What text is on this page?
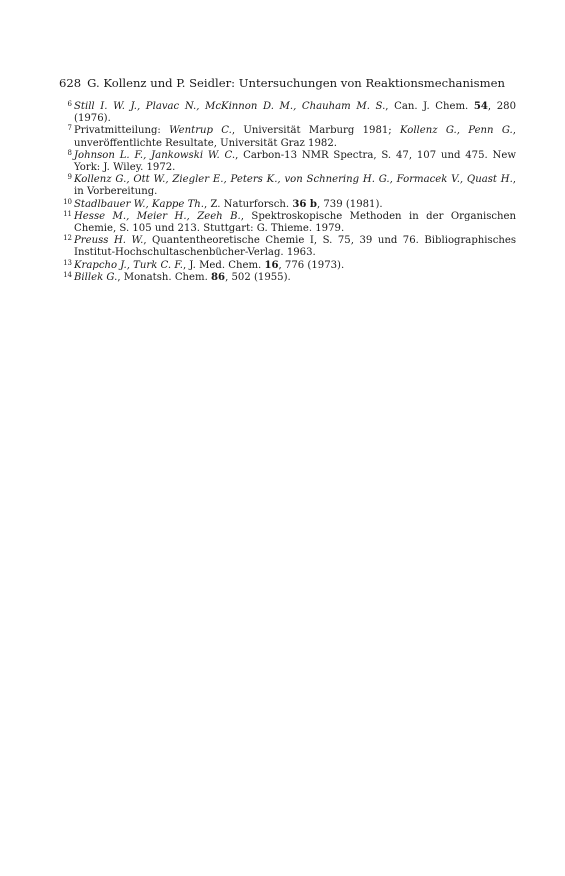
628 G. Kollenz und P. Seidler: Untersuchungen von Reaktionsmechanismen

6 Still I. W. J., Plavac N., McKinnon D. M., Chauham M. S., Can. J. Chem. 54, 280 (1976).

7 Privatmitteilung: Wentrup C., Universität Marburg 1981; Kollenz G., Penn G., unveröffentlichte Resultate, Universität Graz 1982.

8 Johnson L. F., Jankowski W. C., Carbon-13 NMR Spectra, S. 47, 107 und 475. New York: J. Wiley. 1972.

9 Kollenz G., Ott W., Ziegler E., Peters K., von Schnering H. G., Formacek V., Quast H., in Vorbereitung.

10 Stadlbauer W., Kappe Th., Z. Naturforsch. 36 b, 739 (1981).

11 Hesse M., Meier H., Zeeh B., Spektroskopische Methoden in der Organischen Chemie, S. 105 und 213. Stuttgart: G. Thieme. 1979.

12 Preuss H. W., Quantentheoretische Chemie I, S. 75, 39 und 76. Bibliographisches Institut-Hochschultaschenbücher-Verlag. 1963.

13 Krapcho J., Turk C. F., J. Med. Chem. 16, 776 (1973).

14 Billek G., Monatsh. Chem. 86, 502 (1955).
